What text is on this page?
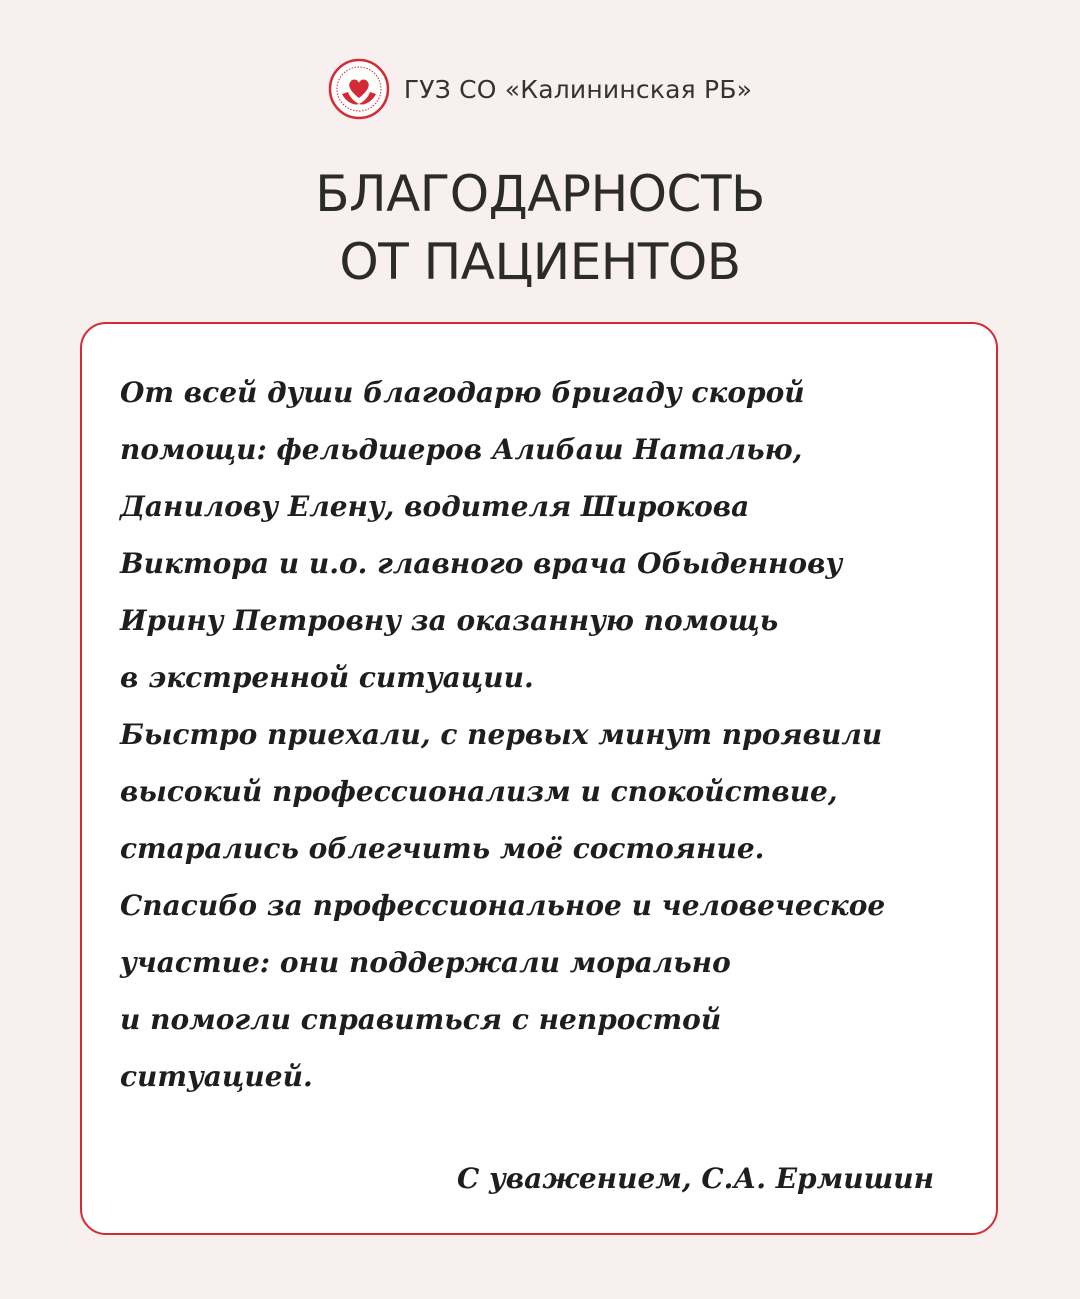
ГУЗ СО «Калининская РБ»
БЛАГОДАРНОСТЬ
ОТ ПАЦИЕНТОВ

От всей души благодарю бригаду скорой
помощи: фельдшеров Алибаш Наталью,
Данилову Елену, водителя Широкова
Виктора и и.о. главного врача Обыденнову
Ирину Петровну за оказанную помощь
в экстренной ситуации.

Быстро приехали, с первых минут проявили
высокий профессионализм и спокойствие,
старались облегчить моё состояние.
Спасибо за профессиональное и человеческое
участие: они поддержали морально
и помогли справиться с непростой
ситуацией.

С уважением, С.А. Ермишин
